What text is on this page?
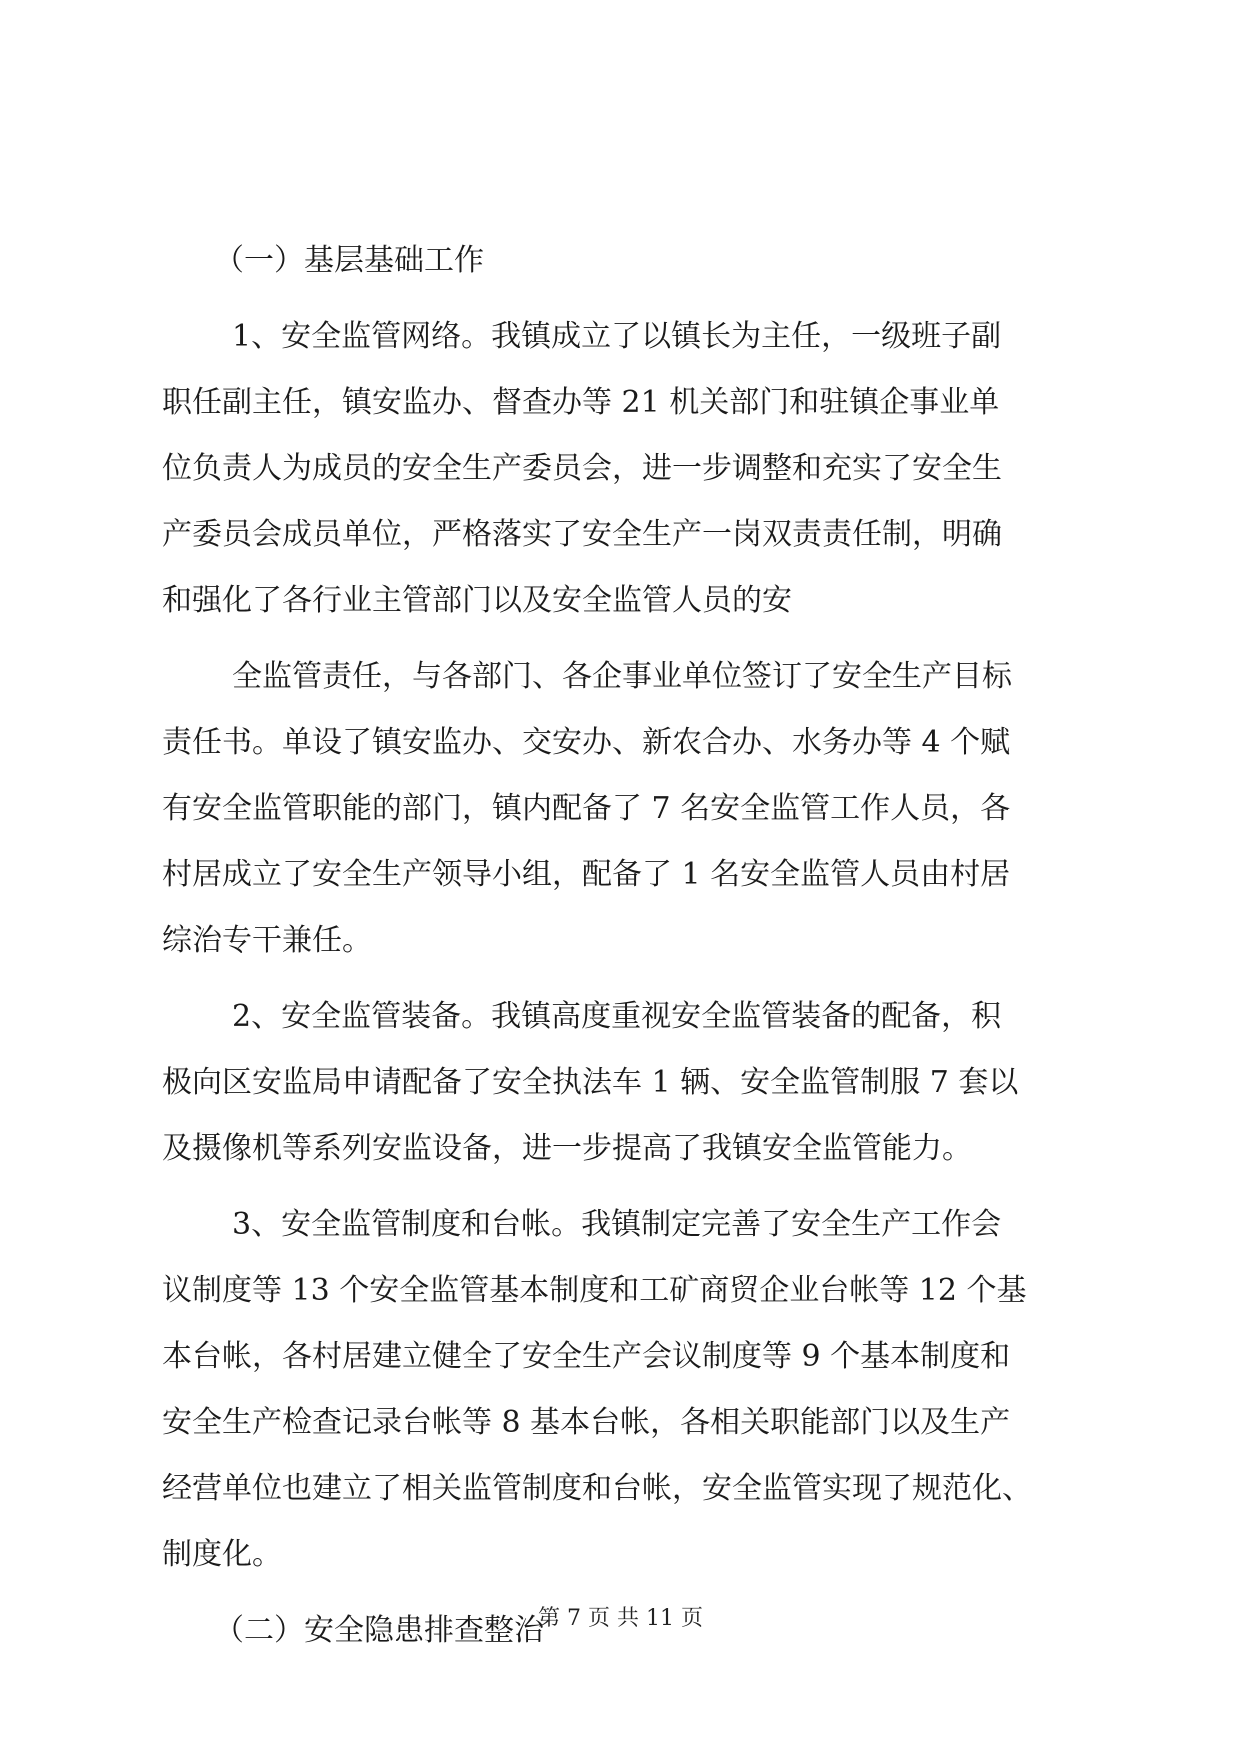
（一）基层基础工作
1、安全监管网络。我镇成立了以镇长为主任，一级班子副
职任副主任，镇安监办、督查办等 21 机关部门和驻镇企事业单
位负责人为成员的安全生产委员会，进一步调整和充实了安全生
产委员会成员单位，严格落实了安全生产一岗双责责任制，明确
和强化了各行业主管部门以及安全监管人员的安
全监管责任，与各部门、各企事业单位签订了安全生产目标
责任书。单设了镇安监办、交安办、新农合办、水务办等 4 个赋
有安全监管职能的部门，镇内配备了 7 名安全监管工作人员，各
村居成立了安全生产领导小组，配备了 1 名安全监管人员由村居
综治专干兼任。
2、安全监管装备。我镇高度重视安全监管装备的配备，积
极向区安监局申请配备了安全执法车 1 辆、安全监管制服 7 套以
及摄像机等系列安监设备，进一步提高了我镇安全监管能力。
3、安全监管制度和台帐。我镇制定完善了安全生产工作会
议制度等 13 个安全监管基本制度和工矿商贸企业台帐等 12 个基
本台帐，各村居建立健全了安全生产会议制度等 9 个基本制度和
安全生产检查记录台帐等 8 基本台帐，各相关职能部门以及生产
经营单位也建立了相关监管制度和台帐，安全监管实现了规范化、
制度化。
（二）安全隐患排查整治
第 7 页 共 11 页
